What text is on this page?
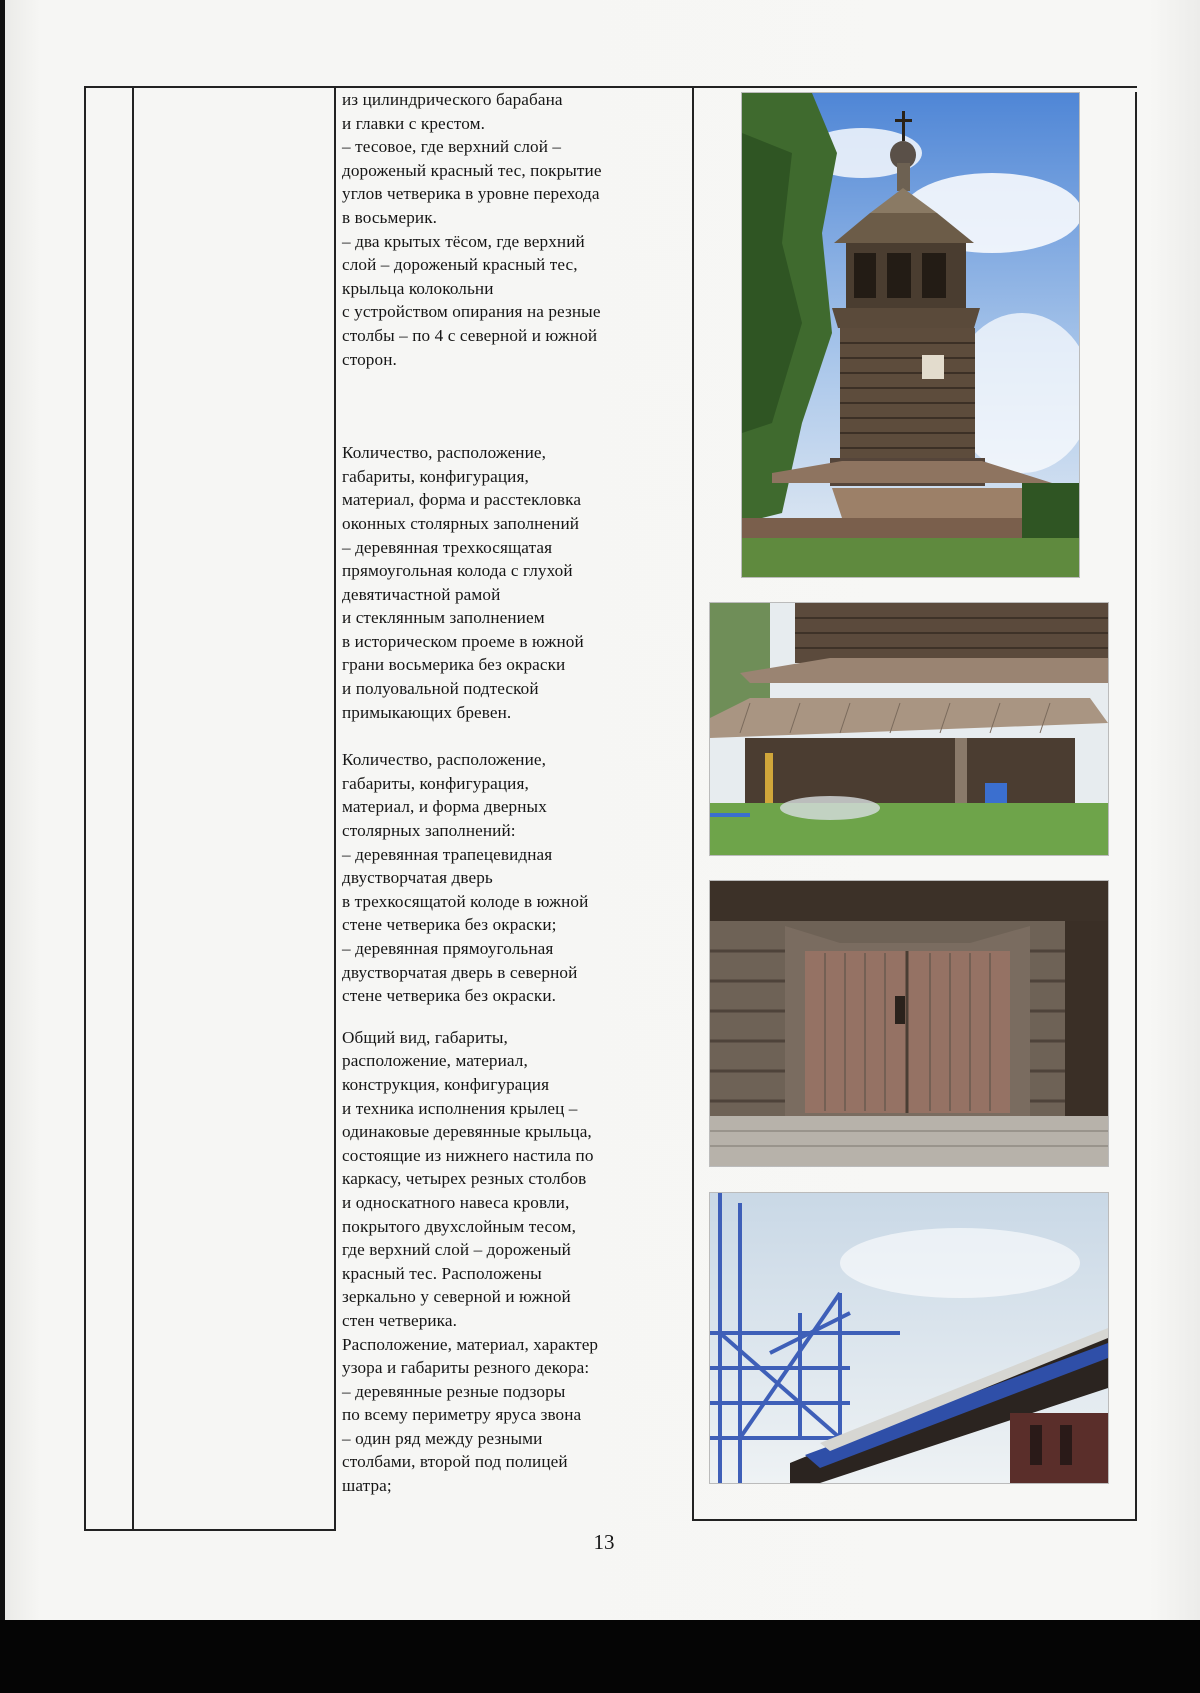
из цилиндрического барабана
и главки с крестом.
– тесовое, где верхний слой –
дороженый красный тес, покрытие
углов четверика в уровне перехода
в восьмерик.
– два крытых тёсом, где верхний
слой – дороженый красный тес,
крыльца колокольни
с устройством опирания на резные
столбы – по 4 с северной и южной
сторон.

Количество, расположение,
габариты, конфигурация,
материал, форма и расстекловка
оконных столярных заполнений
– деревянная трехкосящатая
прямоугольная колода с глухой
девятичастной рамой
и стеклянным заполнением
в историческом проеме в южной
грани восьмерика без окраски
и полуовальной подтеской
примыкающих бревен.

Количество, расположение,
габариты, конфигурация,
материал, и форма дверных
столярных заполнений:
– деревянная трапецевидная
двустворчатая дверь
в трехкосящатой колоде в южной
стене четверика без окраски;
– деревянная прямоугольная
двустворчатая дверь в северной
стене четверика без окраски.

Общий вид, габариты,
расположение, материал,
конструкция, конфигурация
и техника исполнения крылец –
одинаковые деревянные крыльца,
состоящие из нижнего настила по
каркасу, четырех резных столбов
и односкатного навеса кровли,
покрытого двухслойным тесом,
где верхний слой – дороженый
красный тес. Расположены
зеркально у северной и южной
стен четверика.
Расположение, материал, характер
узора и габариты резного декора:
– деревянные резные подзоры
по всему периметру яруса звона
– один ряд между резными
столбами, второй под полицей
шатра;

13
